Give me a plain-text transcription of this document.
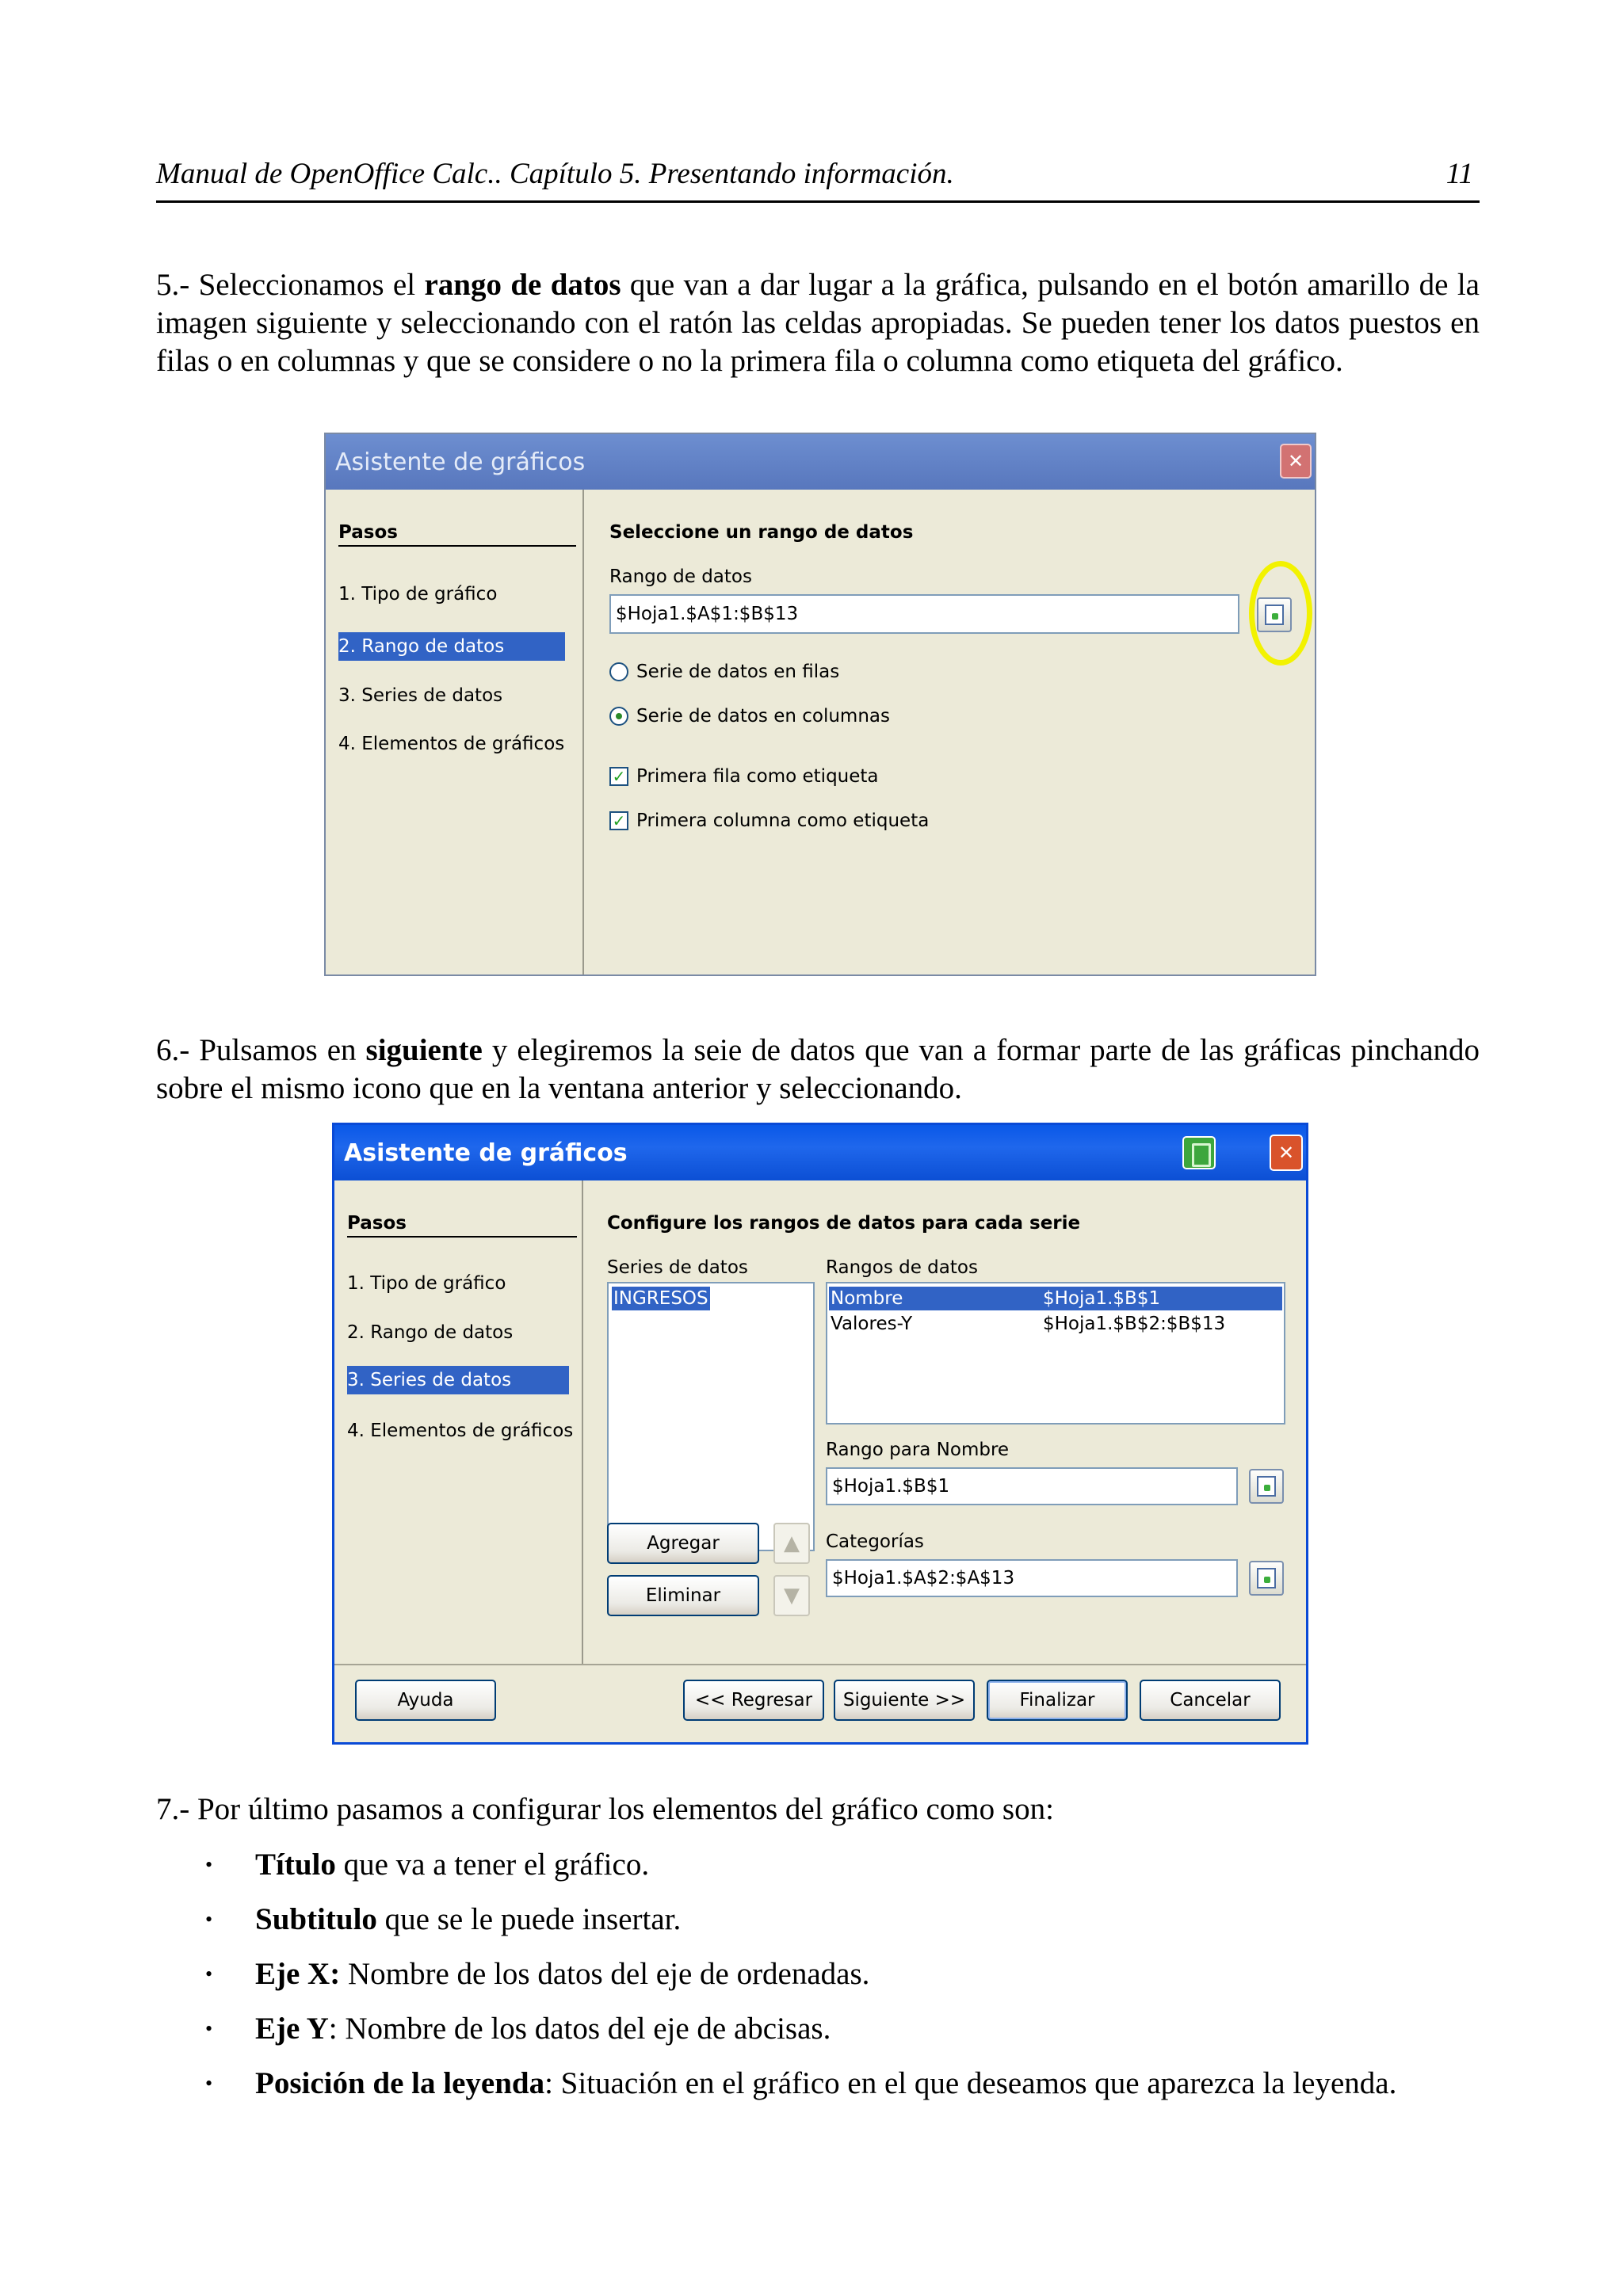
Manual de OpenOffice Calc.. Capítulo 5. Presentando información.	11

5.- Seleccionamos el rango de datos que van a dar lugar a la gráfica, pulsando en el botón amarillo de la imagen siguiente y seleccionando con el ratón las celdas apropiadas. Se pueden tener los datos puestos en filas o en columnas y que se considere o no la primera fila o columna como etiqueta del gráfico.

Asistente de gráficos	✕
Pasos
1. Tipo de gráfico
2. Rango de datos
3. Series de datos
4. Elementos de gráficos
Seleccione un rango de datos
Rango de datos
$Hoja1.$A$1:$B$13
Serie de datos en filas
Serie de datos en columnas
✓ Primera fila como etiqueta
✓ Primera columna como etiqueta

6.- Pulsamos en siguiente y elegiremos la seie de datos que van a formar parte de las gráficas pinchando sobre el mismo icono que en la ventana anterior y seleccionando.

Asistente de gráficos	✕
Pasos
1. Tipo de gráfico
2. Rango de datos
3. Series de datos
4. Elementos de gráficos
Configure los rangos de datos para cada serie
Series de datos
INGRESOS
Rangos de datos
Nombre	$Hoja1.$B$1
Valores-Y	$Hoja1.$B$2:$B$13
Rango para Nombre
$Hoja1.$B$1
Agregar	▲ Categorías
$Hoja1.$A$2:$A$13
Eliminar	▼
Ayuda	<< Regresar	Siguiente >>	Finalizar	Cancelar

7.- Por último pasamos a configurar los elementos del gráfico como son:

• Título que va a tener el gráfico.
• Subtitulo que se le puede insertar.
• Eje X: Nombre de los datos del eje de ordenadas.
• Eje Y: Nombre de los datos del eje de abcisas.
• Posición de la leyenda: Situación en el gráfico en el que deseamos que aparezca la leyenda.
